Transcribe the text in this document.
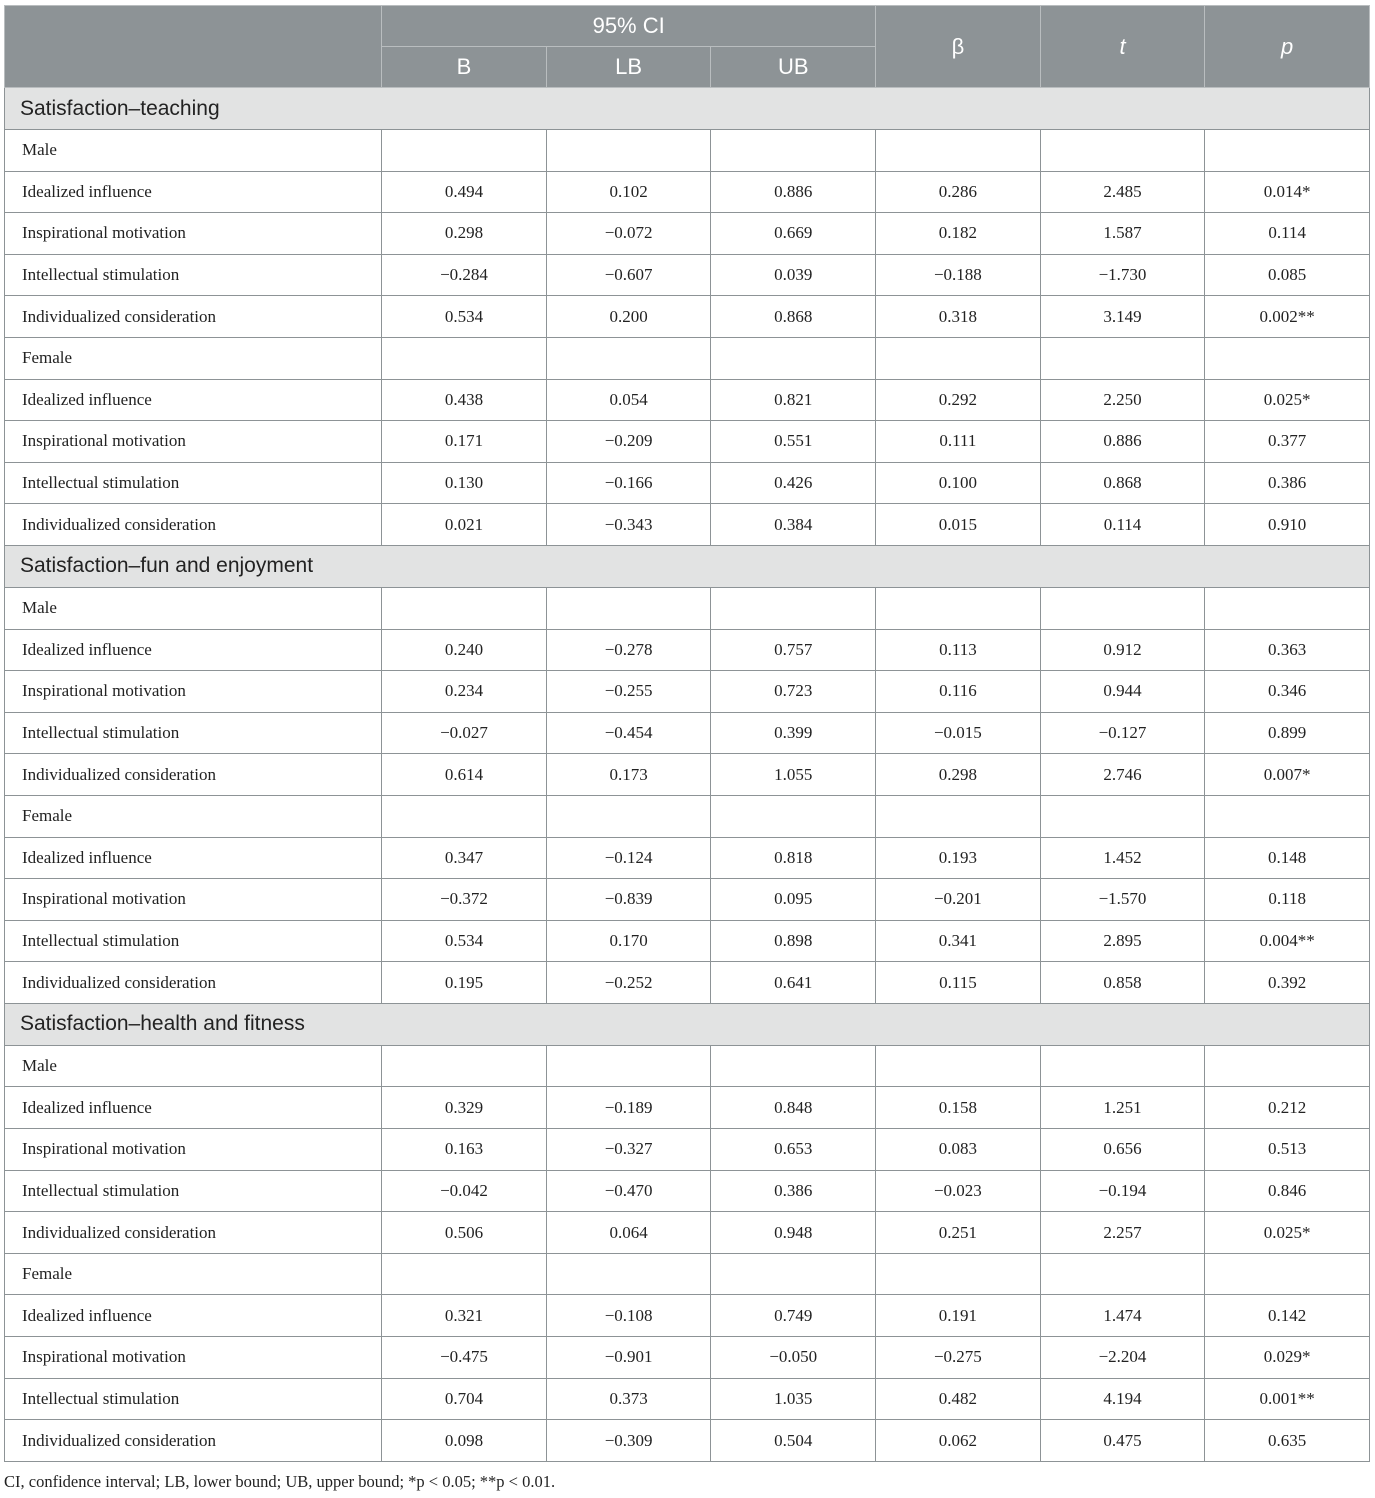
	95% CI			β	t	p
	B	LB	UB			
Satisfaction–teaching						
Male						
Idealized influence	0.494	0.102	0.886	0.286	2.485	0.014*
Inspirational motivation	0.298	−0.072	0.669	0.182	1.587	0.114
Intellectual stimulation	−0.284	−0.607	0.039	−0.188	−1.730	0.085
Individualized consideration	0.534	0.200	0.868	0.318	3.149	0.002**
Female						
Idealized influence	0.438	0.054	0.821	0.292	2.250	0.025*
Inspirational motivation	0.171	−0.209	0.551	0.111	0.886	0.377
Intellectual stimulation	0.130	−0.166	0.426	0.100	0.868	0.386
Individualized consideration	0.021	−0.343	0.384	0.015	0.114	0.910
Satisfaction–fun and enjoyment						
Male						
Idealized influence	0.240	−0.278	0.757	0.113	0.912	0.363
Inspirational motivation	0.234	−0.255	0.723	0.116	0.944	0.346
Intellectual stimulation	−0.027	−0.454	0.399	−0.015	−0.127	0.899
Individualized consideration	0.614	0.173	1.055	0.298	2.746	0.007*
Female						
Idealized influence	0.347	−0.124	0.818	0.193	1.452	0.148
Inspirational motivation	−0.372	−0.839	0.095	−0.201	−1.570	0.118
Intellectual stimulation	0.534	0.170	0.898	0.341	2.895	0.004**
Individualized consideration	0.195	−0.252	0.641	0.115	0.858	0.392
Satisfaction–health and fitness						
Male						
Idealized influence	0.329	−0.189	0.848	0.158	1.251	0.212
Inspirational motivation	0.163	−0.327	0.653	0.083	0.656	0.513
Intellectual stimulation	−0.042	−0.470	0.386	−0.023	−0.194	0.846
Individualized consideration	0.506	0.064	0.948	0.251	2.257	0.025*
Female						
Idealized influence	0.321	−0.108	0.749	0.191	1.474	0.142
Inspirational motivation	−0.475	−0.901	−0.050	−0.275	−2.204	0.029*
Intellectual stimulation	0.704	0.373	1.035	0.482	4.194	0.001**
Individualized consideration	0.098	−0.309	0.504	0.062	0.475	0.635
CI, confidence interval; LB, lower bound; UB, upper bound; *p < 0.05; **p < 0.01.
